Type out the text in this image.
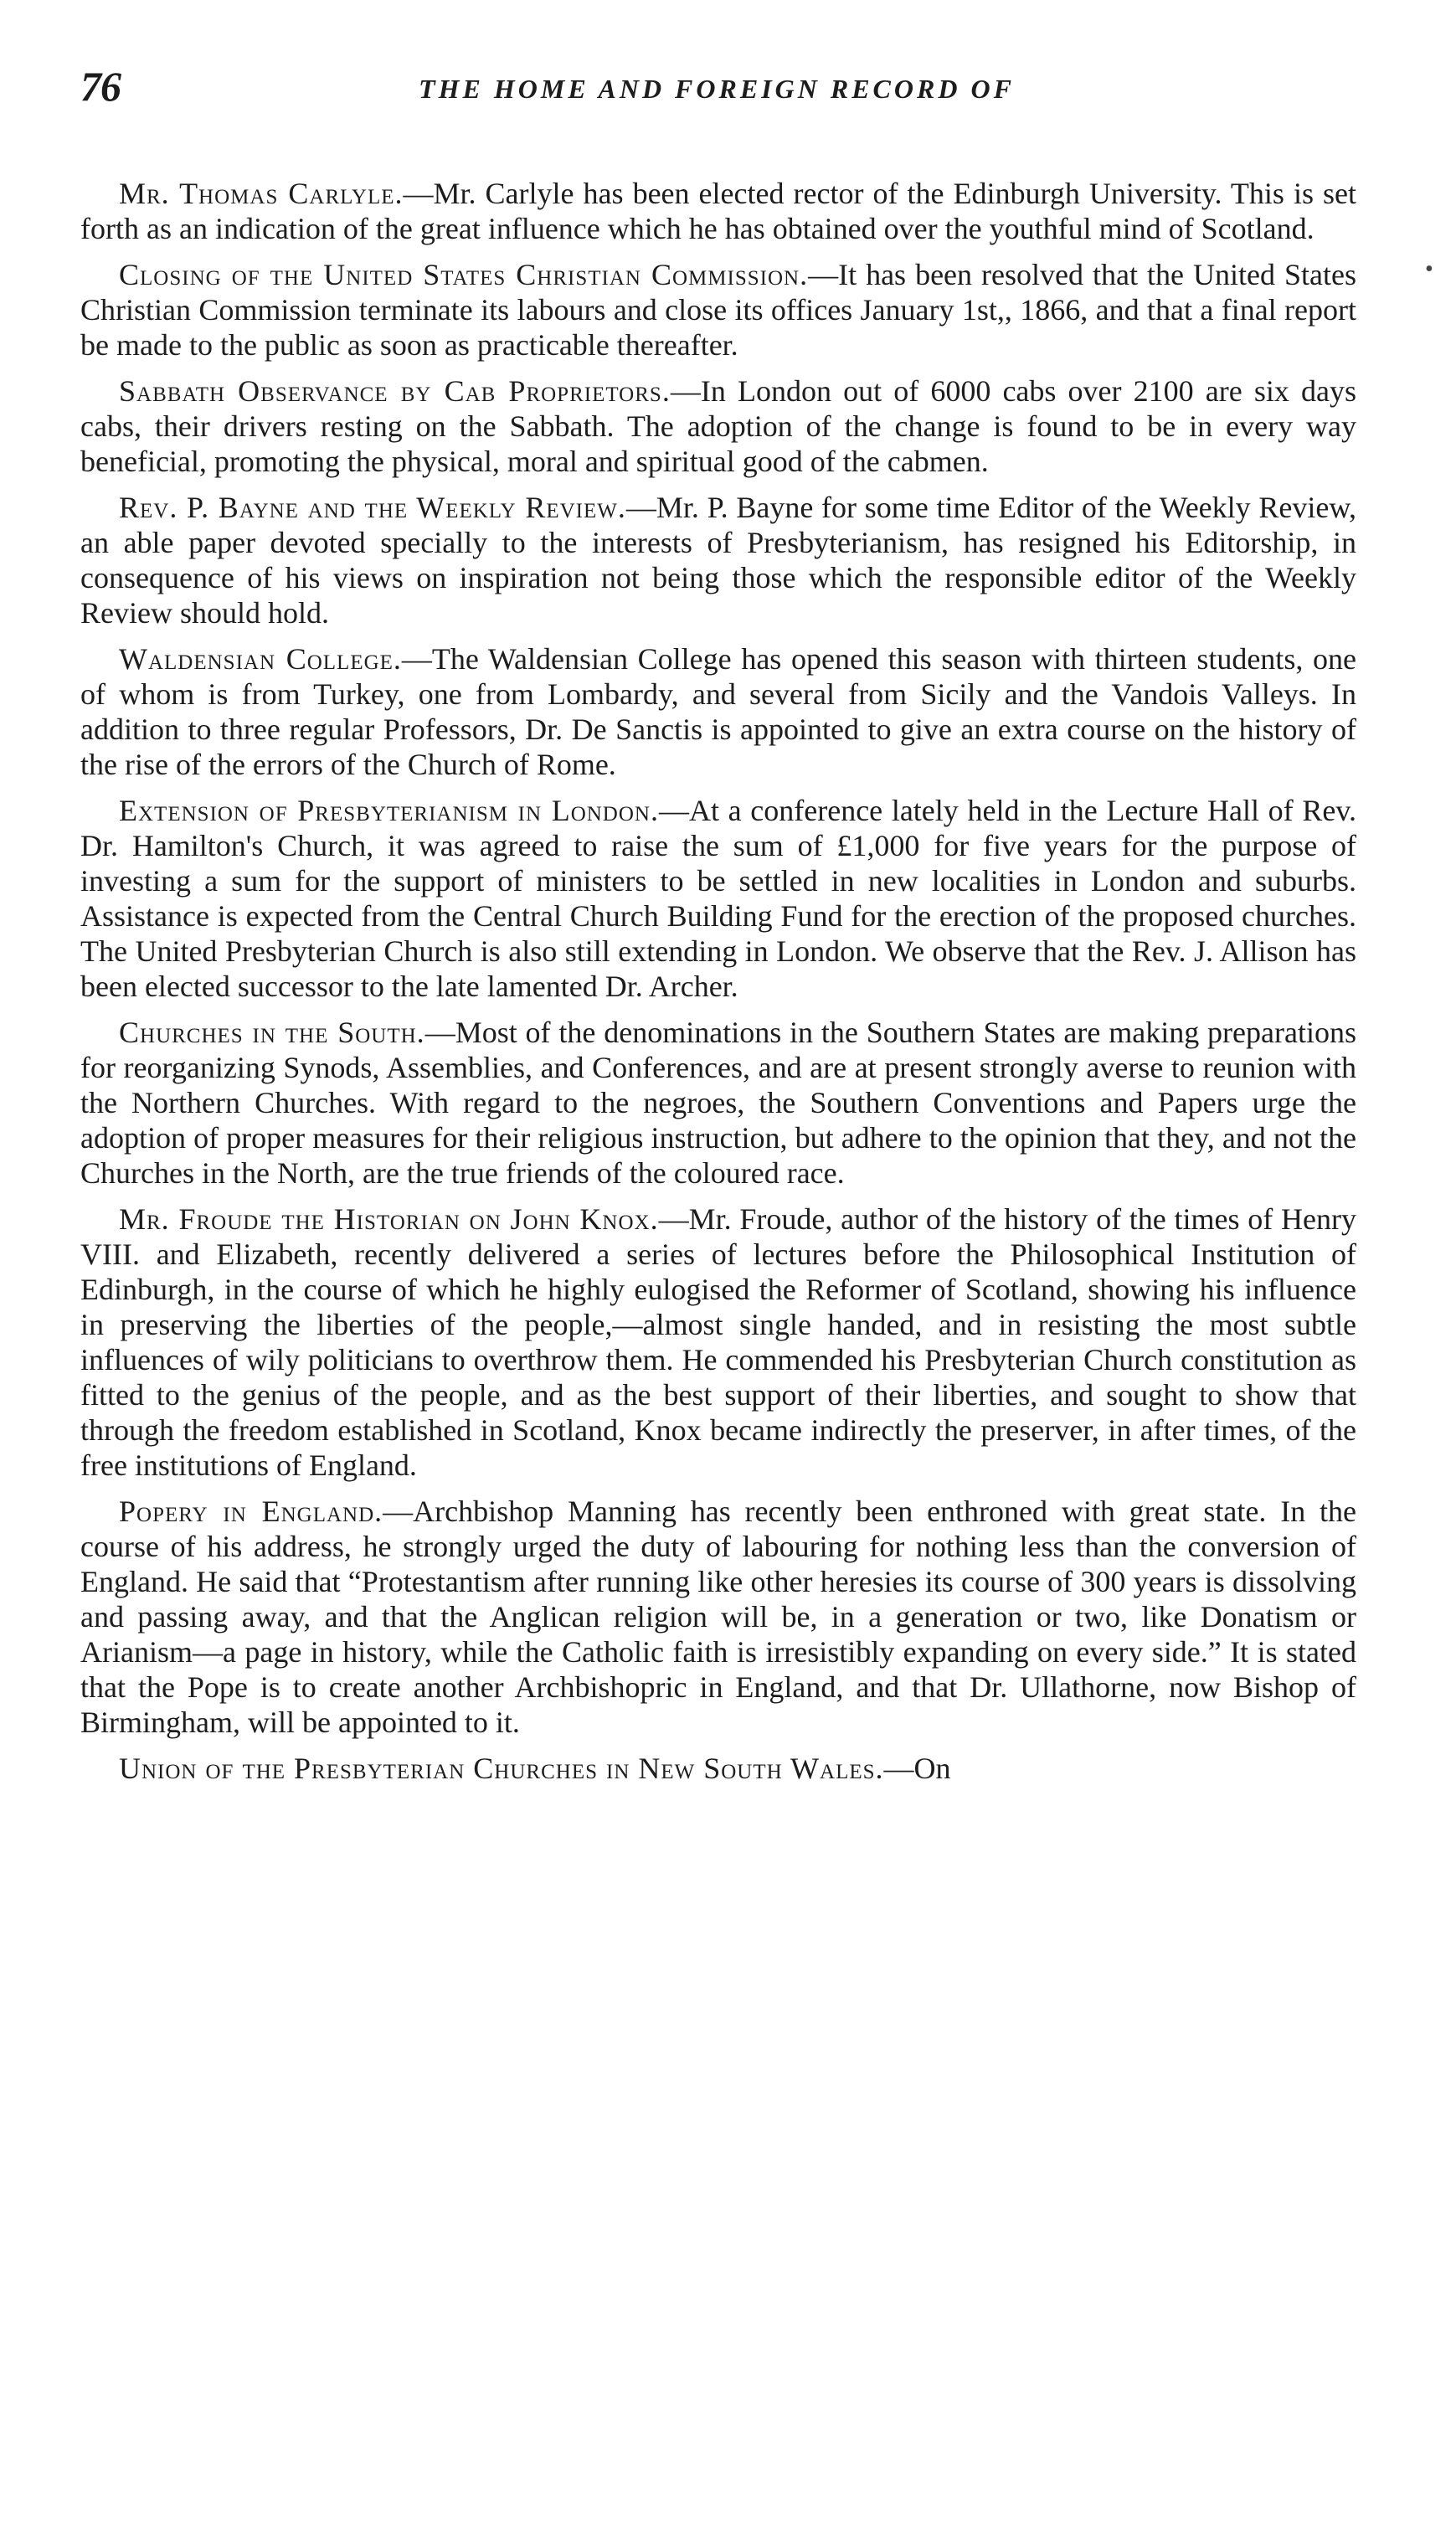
76	THE HOME AND FOREIGN RECORD OF
•

Mr. Thomas Carlyle.—Mr. Carlyle has been elected rector of the Edinburgh University. This is set forth as an indication of the great influence which he has obtained over the youthful mind of Scotland.

Closing of the United States Christian Commission.—It has been resolved that the United States Christian Commission terminate its labours and close its offices January 1st,, 1866, and that a final report be made to the public as soon as practicable thereafter.

Sabbath Observance by Cab Proprietors.—In London out of 6000 cabs over 2100 are six days cabs, their drivers resting on the Sabbath. The adoption of the change is found to be in every way beneficial, promoting the physical, moral and spiritual good of the cabmen.

Rev. P. Bayne and the Weekly Review.—Mr. P. Bayne for some time Editor of the Weekly Review, an able paper devoted specially to the interests of Presbyterianism, has resigned his Editorship, in consequence of his views on inspiration not being those which the responsible editor of the Weekly Review should hold.

Waldensian College.—The Waldensian College has opened this season with thirteen students, one of whom is from Turkey, one from Lombardy, and several from Sicily and the Vandois Valleys. In addition to three regular Professors, Dr. De Sanctis is appointed to give an extra course on the history of the rise of the errors of the Church of Rome.

Extension of Presbyterianism in London.—At a conference lately held in the Lecture Hall of Rev. Dr. Hamilton's Church, it was agreed to raise the sum of £1,000 for five years for the purpose of investing a sum for the support of ministers to be settled in new localities in London and suburbs. Assistance is expected from the Central Church Building Fund for the erection of the proposed churches. The United Presbyterian Church is also still extending in London. We observe that the Rev. J. Allison has been elected successor to the late lamented Dr. Archer.

Churches in the South.—Most of the denominations in the Southern States are making preparations for reorganizing Synods, Assemblies, and Conferences, and are at present strongly averse to reunion with the Northern Churches. With regard to the negroes, the Southern Conventions and Papers urge the adoption of proper measures for their religious instruction, but adhere to the opinion that they, and not the Churches in the North, are the true friends of the coloured race.

Mr. Froude the Historian on John Knox.—Mr. Froude, author of the history of the times of Henry VIII. and Elizabeth, recently delivered a series of lectures before the Philosophical Institution of Edinburgh, in the course of which he highly eulogised the Reformer of Scotland, showing his influence in preserving the liberties of the people,—almost single handed, and in resisting the most subtle influences of wily politicians to overthrow them. He commended his Presbyterian Church constitution as fitted to the genius of the people, and as the best support of their liberties, and sought to show that through the freedom established in Scotland, Knox became indirectly the preserver, in after times, of the free institutions of England.

Popery in England.—Archbishop Manning has recently been enthroned with great state. In the course of his address, he strongly urged the duty of labouring for nothing less than the conversion of England. He said that “Protestantism after running like other heresies its course of 300 years is dissolving and passing away, and that the Anglican religion will be, in a generation or two, like Donatism or Arianism—a page in history, while the Catholic faith is irresistibly expanding on every side.” It is stated that the Pope is to create another Archbishopric in England, and that Dr. Ullathorne, now Bishop of Birmingham, will be appointed to it.

Union of the Presbyterian Churches in New South Wales.—On
